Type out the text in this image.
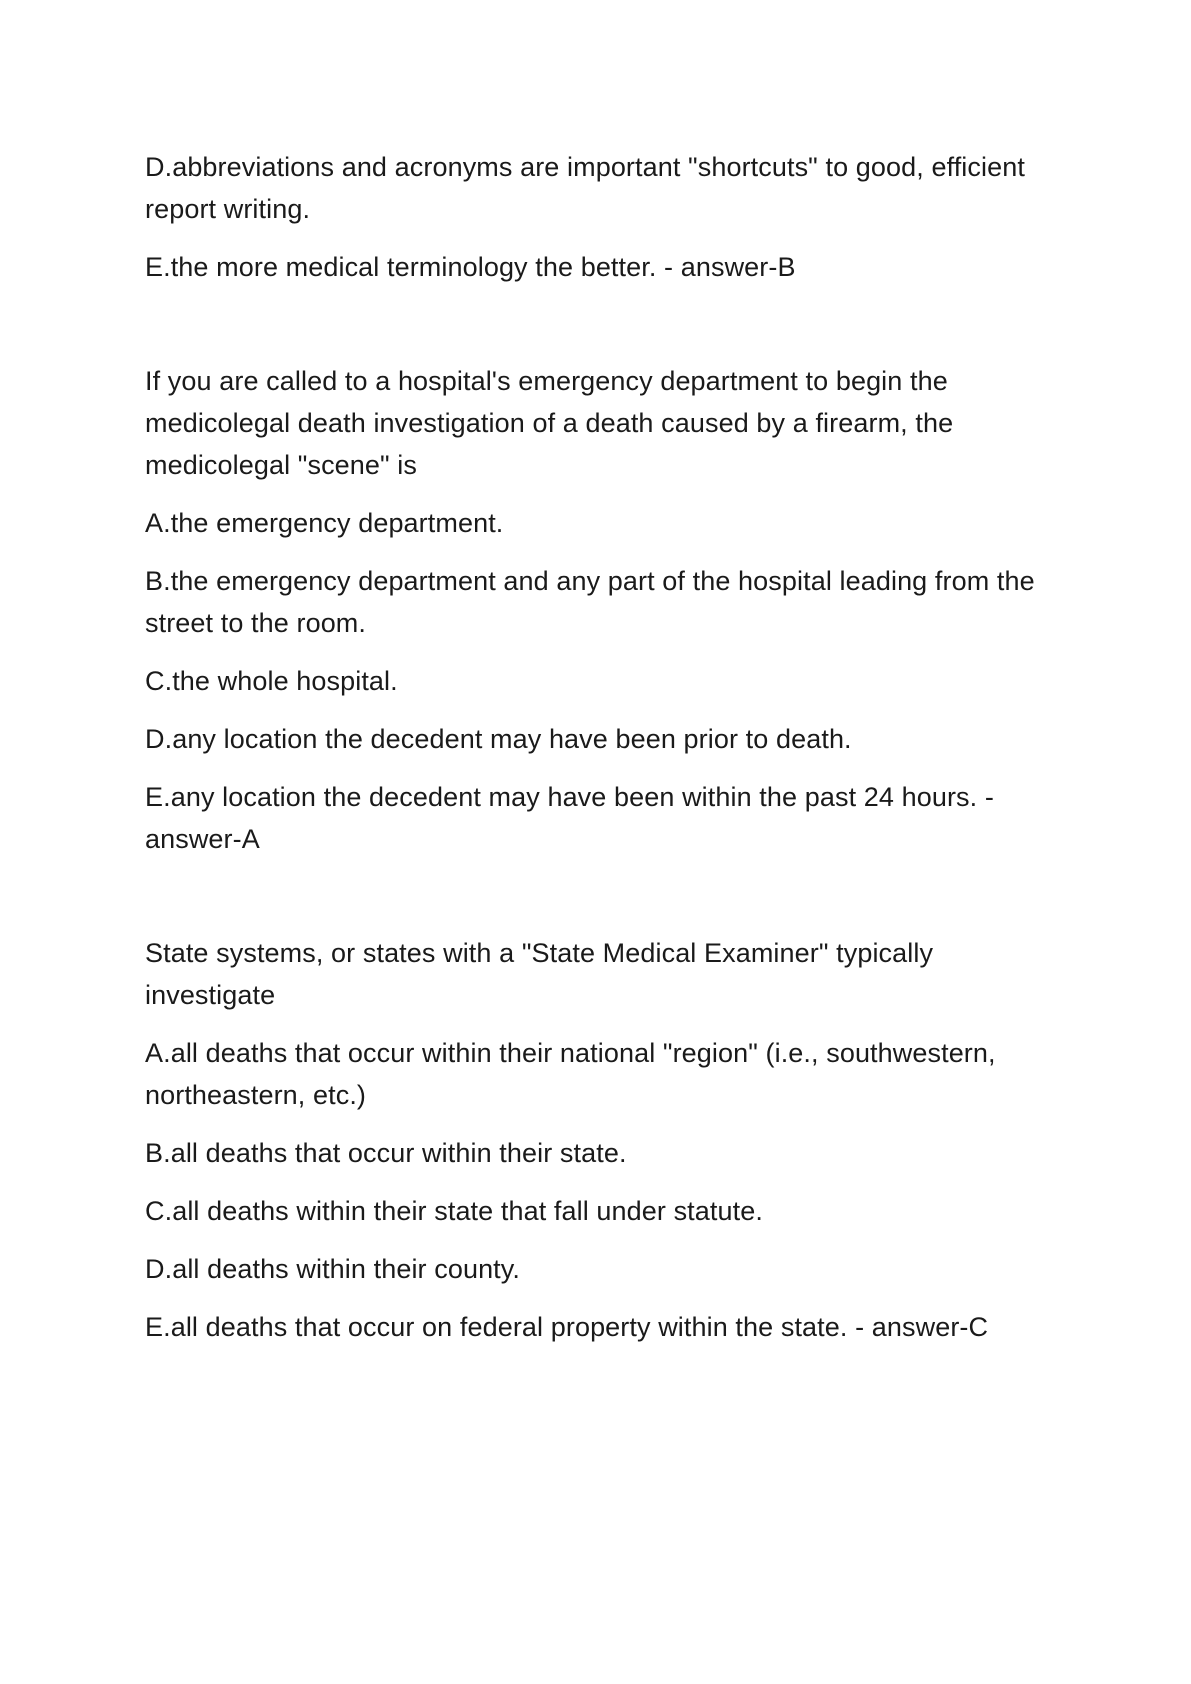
D.abbreviations and acronyms are important "shortcuts" to good, efficient report writing.

E.the more medical terminology the better. - answer-B

If you are called to a hospital's emergency department to begin the medicolegal death investigation of a death caused by a firearm, the medicolegal "scene" is

A.the emergency department.

B.the emergency department and any part of the hospital leading from the street to the room.

C.the whole hospital.

D.any location the decedent may have been prior to death.

E.any location the decedent may have been within the past 24 hours. - answer-A

State systems, or states with a "State Medical Examiner" typically investigate

A.all deaths that occur within their national "region" (i.e., southwestern, northeastern, etc.)

B.all deaths that occur within their state.

C.all deaths within their state that fall under statute.

D.all deaths within their county.

E.all deaths that occur on federal property within the state. - answer-C
